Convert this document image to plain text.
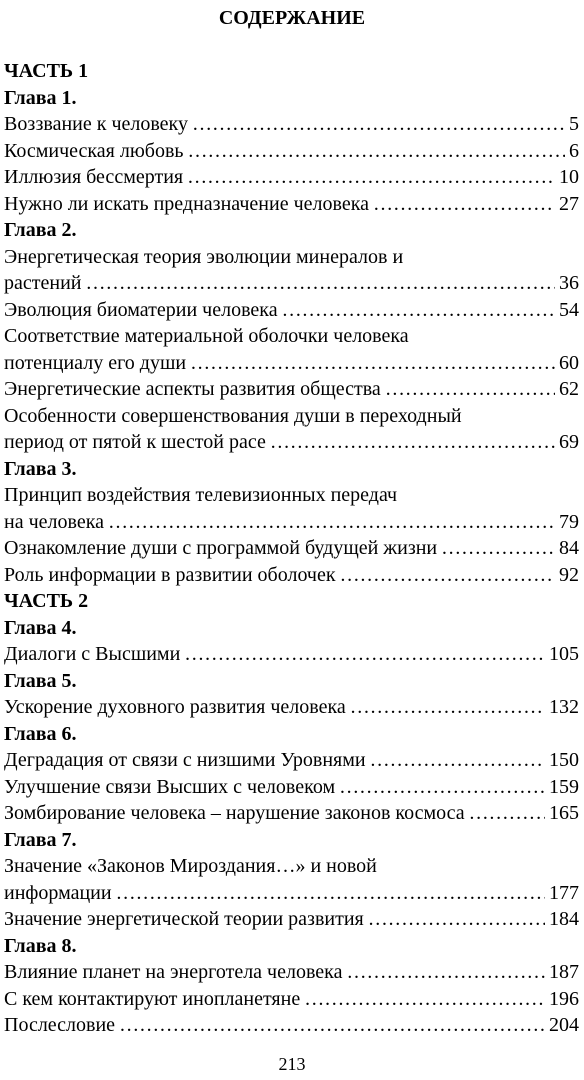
СОДЕРЖАНИЕ
ЧАСТЬ 1
Глава 1.
Воззвание к человеку …………………………………………………………………………………………………………	5
Космическая любовь …………………………………………………………………………………………………………	6
Иллюзия бессмертия …………………………………………………………………………………………………………	10
Нужно ли искать предназначение человека …………………………………………………………………………………………………………	27
Глава 2.
Энергетическая теория эволюции минералов и
растений …………………………………………………………………………………………………………	36
Эволюция биоматерии человека …………………………………………………………………………………………………………	54
Соответствие материальной оболочки человека
потенциалу его души …………………………………………………………………………………………………………	60
Энергетические аспекты развития общества …………………………………………………………………………………………………………	62
Особенности совершенствования души в переходный
период от пятой к шестой расе …………………………………………………………………………………………………………	69
Глава 3.
Принцип воздействия телевизионных передач
на человека …………………………………………………………………………………………………………	79
Ознакомление души с программой будущей жизни …………………………………………………………………………………………………………	84
Роль информации в развитии оболочек …………………………………………………………………………………………………………	92
ЧАСТЬ 2
Глава 4.
Диалоги с Высшими …………………………………………………………………………………………………………	105
Глава 5.
Ускорение духовного развития человека …………………………………………………………………………………………………………	132
Глава 6.
Деградация от связи с низшими Уровнями …………………………………………………………………………………………………………	150
Улучшение связи Высших с человеком …………………………………………………………………………………………………………	159
Зомбирование человека – нарушение законов космоса …………………………………………………………………………………………………………	165
Глава 7.
Значение «Законов Мироздания…» и новой
информации …………………………………………………………………………………………………………	177
Значение энергетической теории развития …………………………………………………………………………………………………………	184
Глава 8.
Влияние планет на энерготела человека …………………………………………………………………………………………………………	187
С кем контактируют инопланетяне …………………………………………………………………………………………………………	196
Послесловие …………………………………………………………………………………………………………	204
213
